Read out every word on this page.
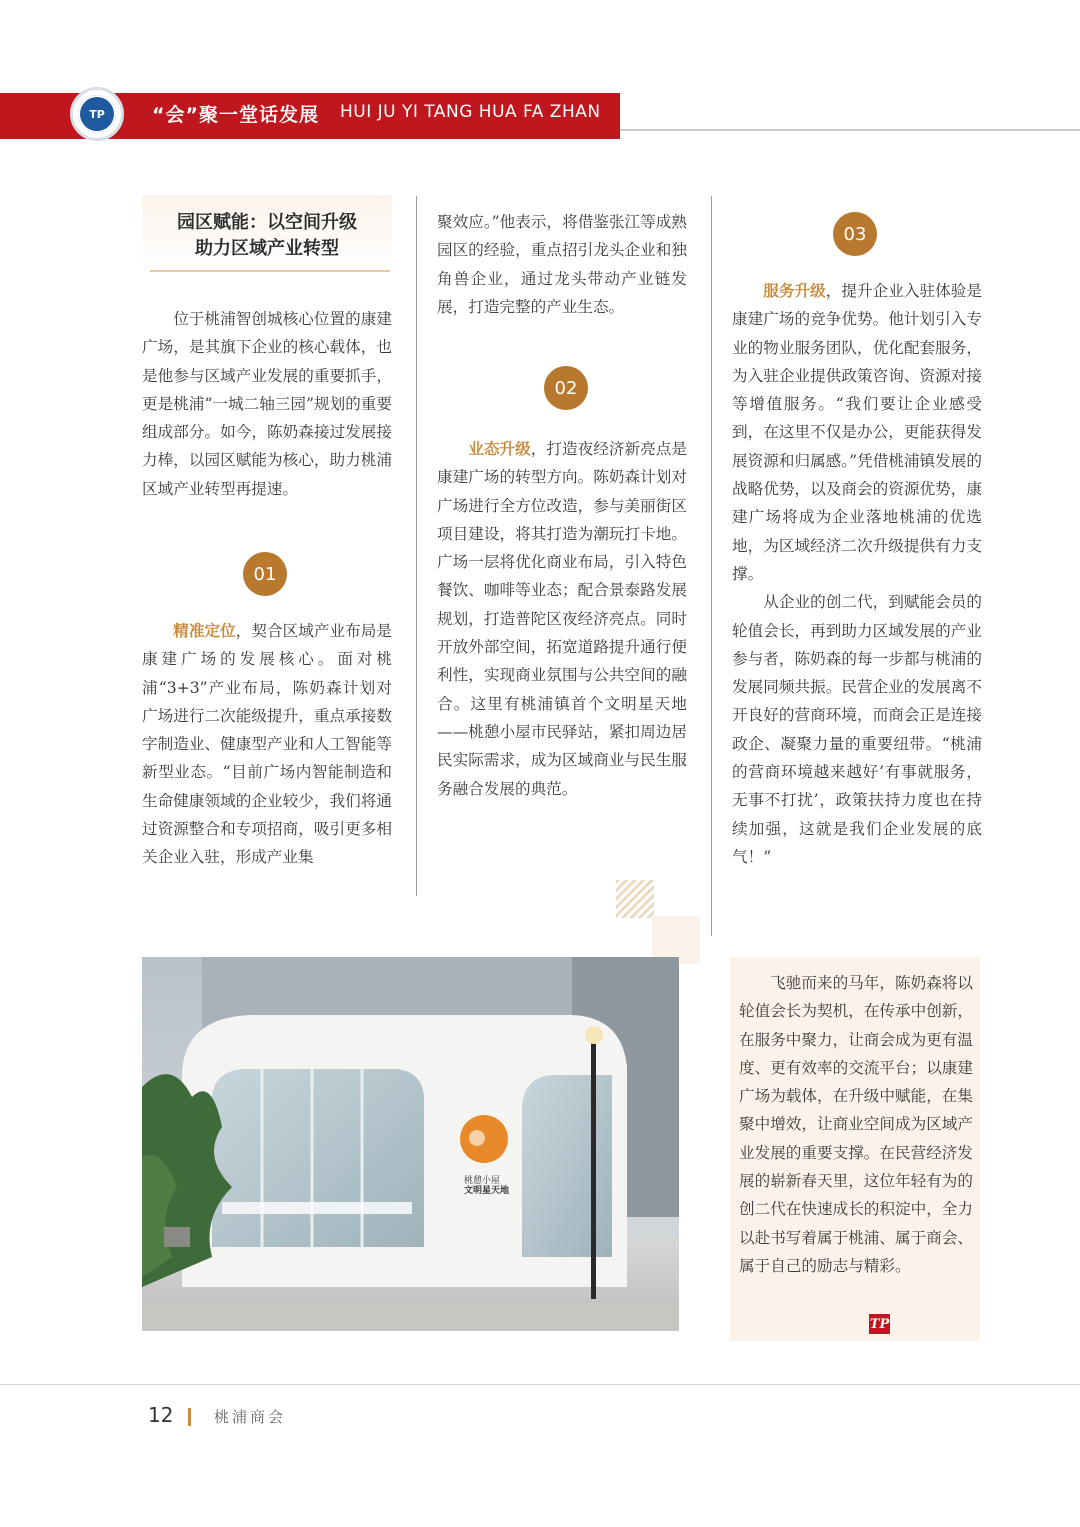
TP	“会”聚一堂话发展 HUI JU YI TANG HUA FA ZHAN
园区赋能：以空间升级
助力区域产业转型

位于桃浦智创城核心位置的康建广场，是其旗下企业的核心载体，也是他参与区域产业发展的重要抓手，更是桃浦“一城二轴三园”规划的重要组成部分。如今，陈奶森接过发展接力棒，以园区赋能为核心，助力桃浦区域产业转型再提速。

01

精准定位，契合区域产业布局是康建广场的发展核心。面对桃浦“3+3”产业布局，陈奶森计划对广场进行二次能级提升，重点承接数字制造业、健康型产业和人工智能等新型业态。“目前广场内智能制造和生命健康领域的企业较少，我们将通过资源整合和专项招商，吸引更多相关企业入驻，形成产业集

聚效应。”他表示，将借鉴张江等成熟园区的经验，重点招引龙头企业和独角兽企业，通过龙头带动产业链发展，打造完整的产业生态。

02

业态升级，打造夜经济新亮点是康建广场的转型方向。陈奶森计划对广场进行全方位改造，参与美丽街区项目建设，将其打造为潮玩打卡地。广场一层将优化商业布局，引入特色餐饮、咖啡等业态；配合景泰路发展规划，打造普陀区夜经济亮点。同时开放外部空间，拓宽道路提升通行便利性，实现商业氛围与公共空间的融合。这里有桃浦镇首个文明星天地——桃憩小屋市民驿站，紧扣周边居民实际需求，成为区域商业与民生服务融合发展的典范。

03

服务升级，提升企业入驻体验是康建广场的竞争优势。他计划引入专业的物业服务团队，优化配套服务，为入驻企业提供政策咨询、资源对接等增值服务。“我们要让企业感受到，在这里不仅是办公，更能获得发展资源和归属感。”凭借桃浦镇发展的战略优势，以及商会的资源优势，康建广场将成为企业落地桃浦的优选地，为区域经济二次升级提供有力支撑。

从企业的创二代，到赋能会员的轮值会长，再到助力区域发展的产业参与者，陈奶森的每一步都与桃浦的发展同频共振。民营企业的发展离不开良好的营商环境，而商会正是连接政企、凝聚力量的重要纽带。“桃浦的营商环境越来越好‘有事就服务，无事不打扰’，政策扶持力度也在持续加强，这就是我们企业发展的底气！”

桃憩小屋
文明星天地

飞驰而来的马年，陈奶森将以轮值会长为契机，在传承中创新，在服务中聚力，让商会成为更有温度、更有效率的交流平台；以康建广场为载体，在升级中赋能，在集聚中增效，让商业空间成为区域产业发展的重要支撑。在民营经济发展的崭新春天里，这位年轻有为的创二代在快速成长的积淀中，全力以赴书写着属于桃浦、属于商会、属于自己的励志与精彩。

TP
12	桃浦商会
